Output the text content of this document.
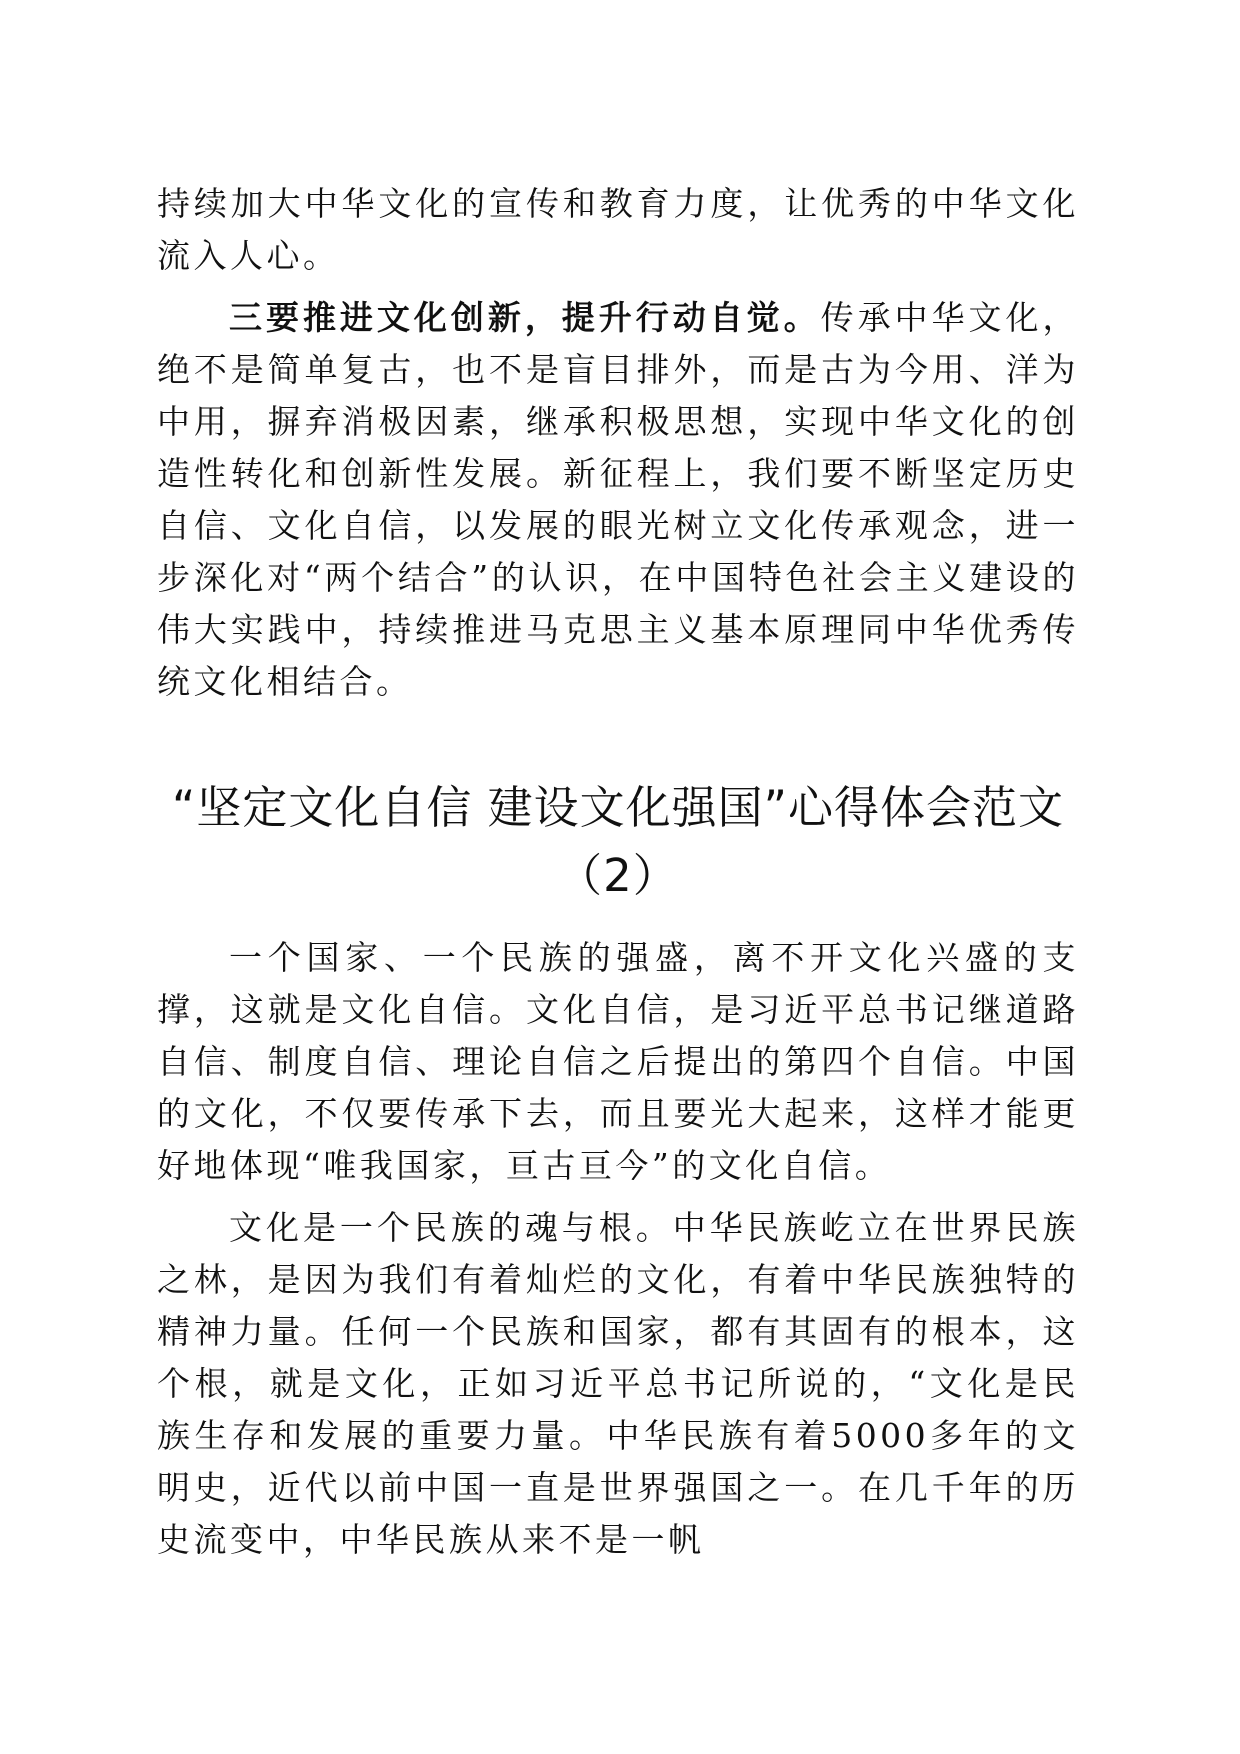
持续加大中华文化的宣传和教育力度，让优秀的中华文化流入人心。

三要推进文化创新，提升行动自觉。传承中华文化，绝不是简单复古，也不是盲目排外，而是古为今用、洋为中用，摒弃消极因素，继承积极思想，实现中华文化的创造性转化和创新性发展。新征程上，我们要不断坚定历史自信、文化自信，以发展的眼光树立文化传承观念，进一步深化对“两个结合”的认识，在中国特色社会主义建设的伟大实践中，持续推进马克思主义基本原理同中华优秀传统文化相结合。

“坚定文化自信 建设文化强国”心得体会范文（2）

一个国家、一个民族的强盛，离不开文化兴盛的支撑，这就是文化自信。文化自信，是习近平总书记继道路自信、制度自信、理论自信之后提出的第四个自信。中国的文化，不仅要传承下去，而且要光大起来，这样才能更好地体现“唯我国家，亘古亘今”的文化自信。

文化是一个民族的魂与根。中华民族屹立在世界民族之林，是因为我们有着灿烂的文化，有着中华民族独特的精神力量。任何一个民族和国家，都有其固有的根本，这个根，就是文化，正如习近平总书记所说的，“文化是民族生存和发展的重要力量。中华民族有着5000多年的文明史，近代以前中国一直是世界强国之一。在几千年的历史流变中，中华民族从来不是一帆
